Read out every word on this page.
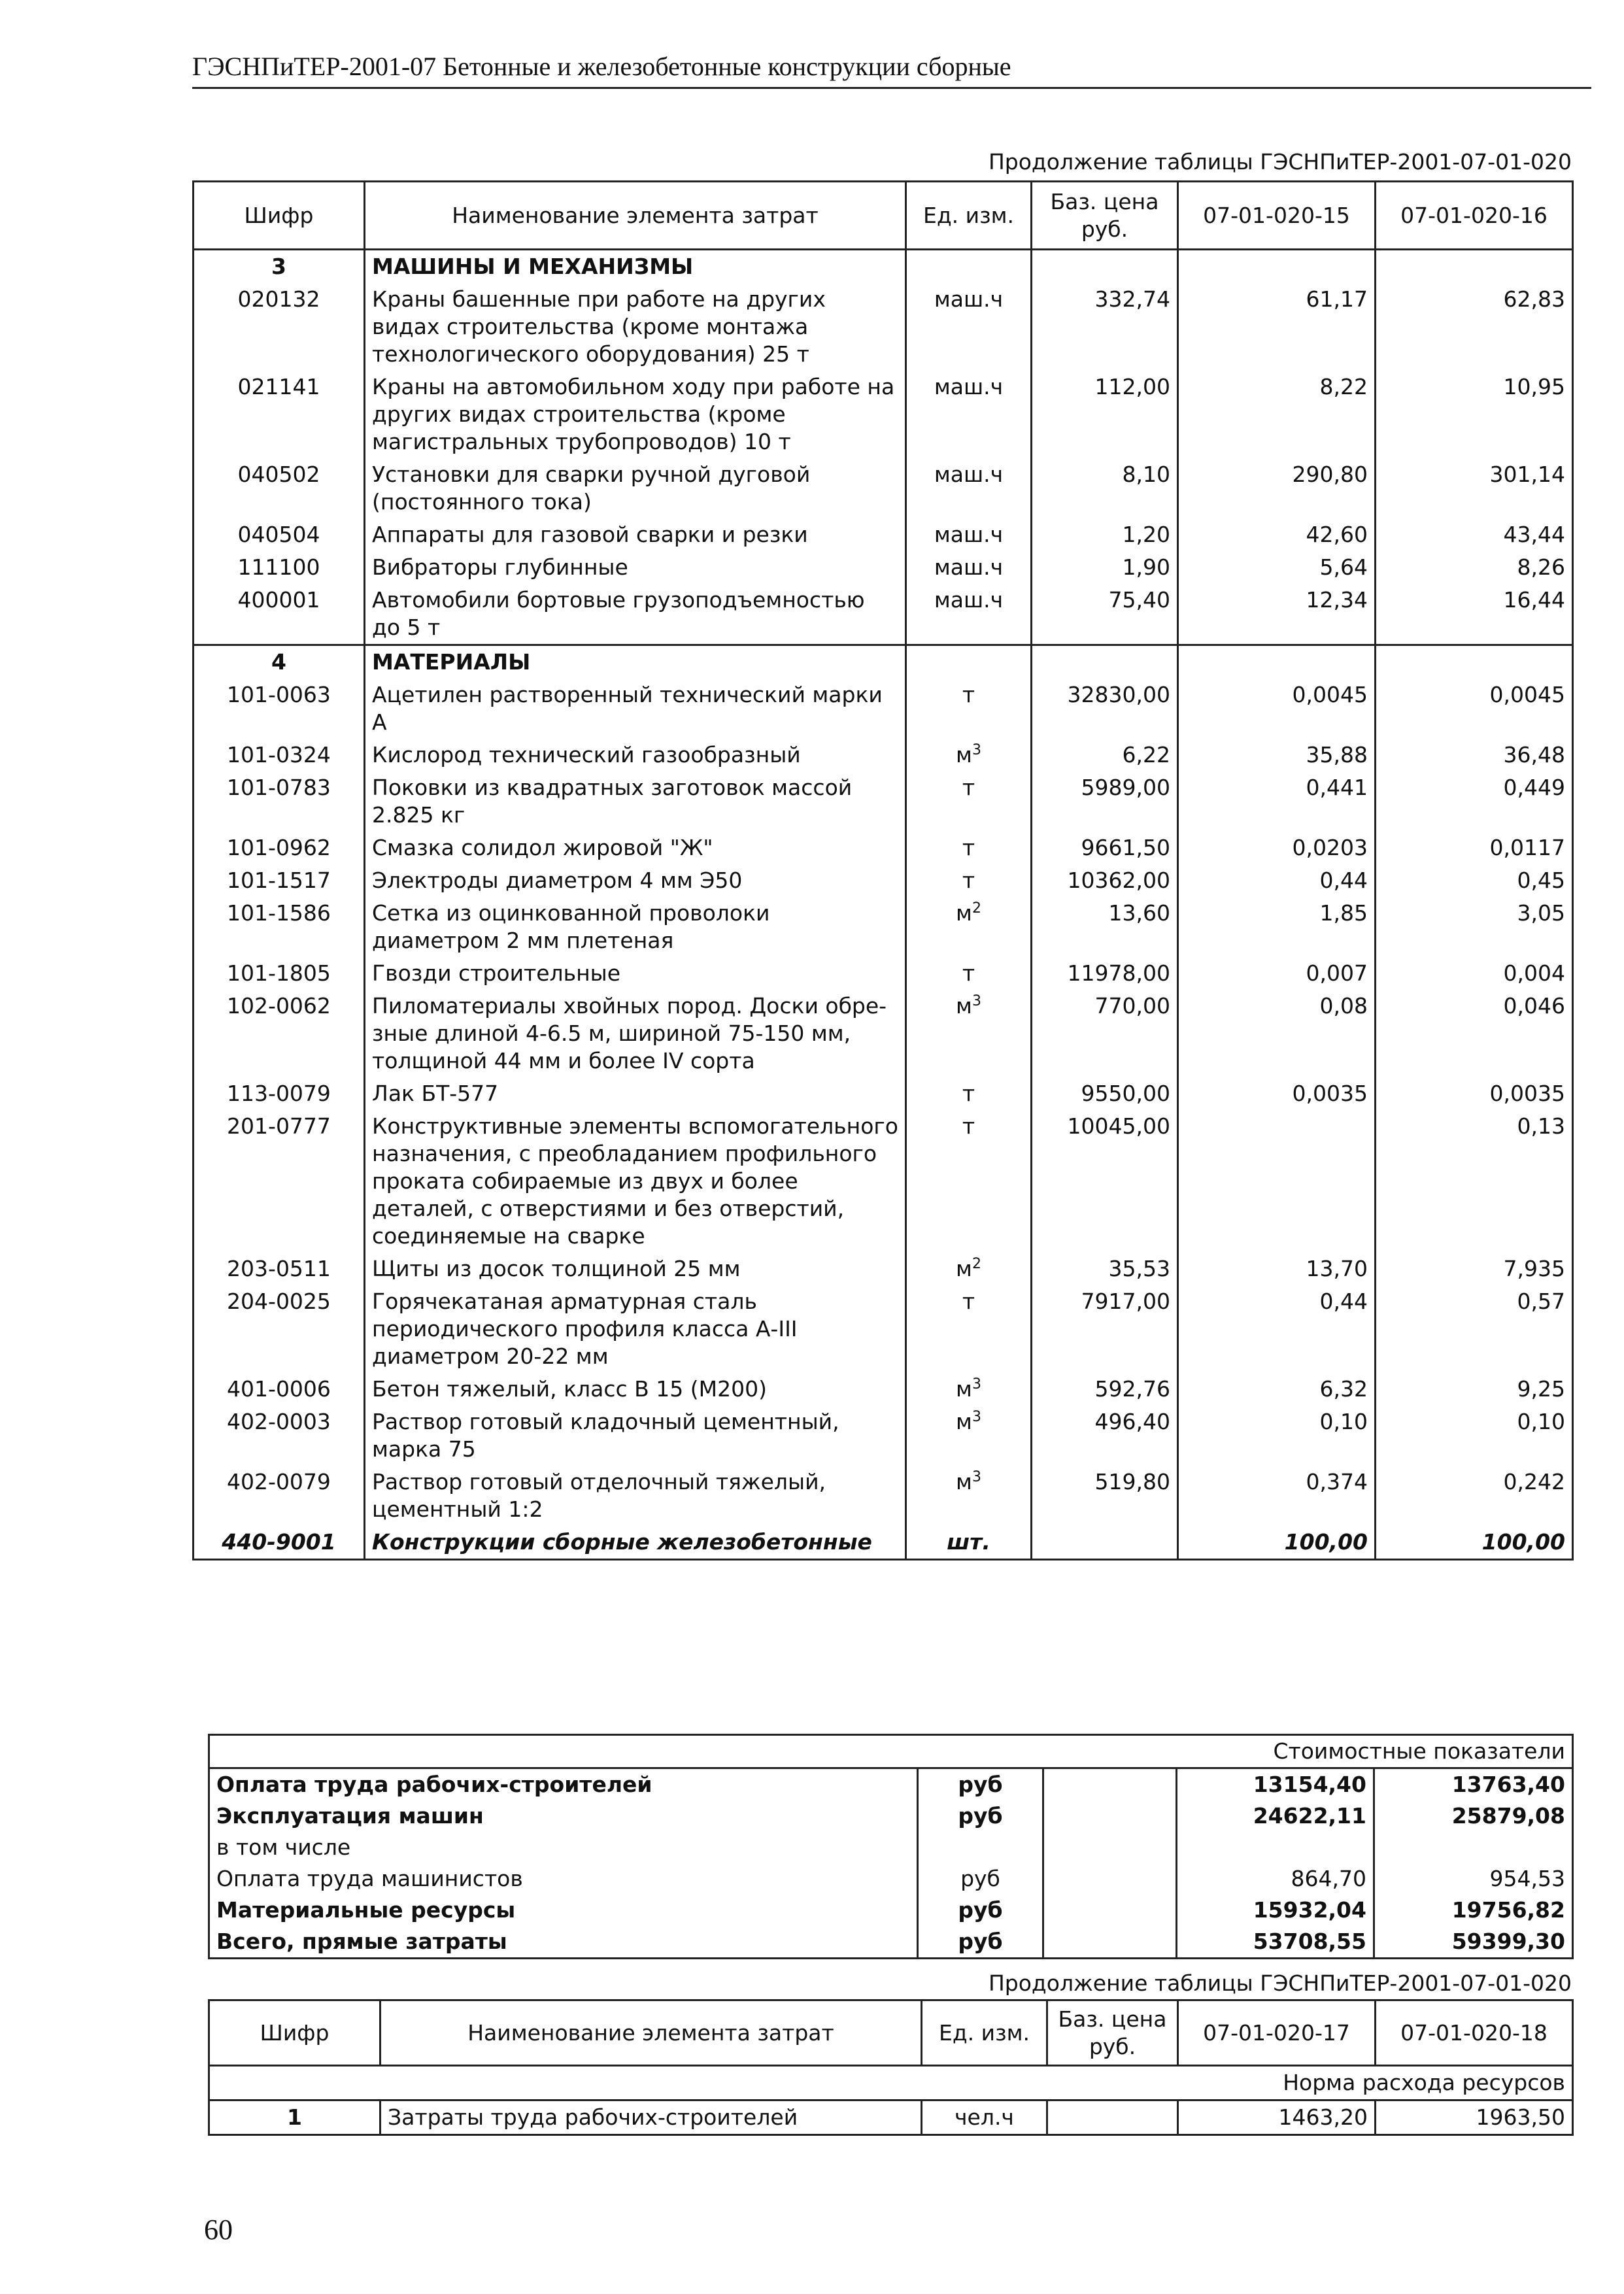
ГЭСНПиТЕР-2001-07 Бетонные и железобетонные конструкции сборные
Продолжение таблицы ГЭСНПиТЕР-2001-07-01-020
Шифр	Наименование элемента затрат	Ед. изм.	Баз. цена руб.	07-01-020-15	07-01-020-16
3	МАШИНЫ И МЕХАНИЗМЫ				
020132	Краны башенные при работе на других видах строительства (кроме монтажа технологического оборудования) 25 т	маш.ч	332,74	61,17	62,83
021141	Краны на автомобильном ходу при работе на других видах строительства (кроме магистральных трубопроводов) 10 т	маш.ч	112,00	8,22	10,95
040502	Установки для сварки ручной дуговой (постоянного тока)	маш.ч	8,10	290,80	301,14
040504	Аппараты для газовой сварки и резки	маш.ч	1,20	42,60	43,44
111100	Вибраторы глубинные	маш.ч	1,90	5,64	8,26
400001	Автомобили бортовые грузоподъемностью до 5 т	маш.ч	75,40	12,34	16,44
4	МАТЕРИАЛЫ				
101-0063	Ацетилен растворенный технический марки А	т	32830,00	0,0045	0,0045
101-0324	Кислород технический газообразный	$м^3$	6,22	35,88	36,48
101-0783	Поковки из квадратных заготовок массой 2.825 кг	т	5989,00	0,441	0,449
101-0962	Смазка солидол жировой "Ж"	т	9661,50	0,0203	0,0117
101-1517	Электроды диаметром 4 мм Э50	т	10362,00	0,44	0,45
101-1586	Сетка из оцинкованной проволоки диаметром 2 мм плетеная	$м^2$	13,60	1,85	3,05
101-1805	Гвозди строительные	т	11978,00	0,007	0,004
102-0062	Пиломатериалы хвойных пород. Доски обре-зные длиной 4-6.5 м, шириной 75-150 мм, толщиной 44 мм и более IV сорта	$м^3$	770,00	0,08	0,046
113-0079	Лак БТ-577	т	9550,00	0,0035	0,0035
201-0777	Конструктивные элементы вспомогательного назначения, с преобладанием профильного проката собираемые из двух и более деталей, с отверстиями и без отверстий, соединяемые на сварке	т	10045,00		0,13
203-0511	Щиты из досок толщиной 25 мм	$м^2$	35,53	13,70	7,935
204-0025	Горячекатаная арматурная сталь периодического профиля класса А-III диаметром 20-22 мм	т	7917,00	0,44	0,57
401-0006	Бетон тяжелый, класс В 15 (М200)	$м^3$	592,76	6,32	9,25
402-0003	Раствор готовый кладочный цементный, марка 75	$м^3$	496,40	0,10	0,10
402-0079	Раствор готовый отделочный тяжелый, цементный 1:2	$м^3$	519,80	0,374	0,242
440-9001	Конструкции сборные железобетонные	шт.		100,00	100,00
Стоимостные показатели				
Оплата труда рабочих-строителей	руб		13154,40	13763,40
Эксплуатация машин	руб		24622,11	25879,08
в том числе				
Оплата труда машинистов	руб		864,70	954,53
Материальные ресурсы	руб		15932,04	19756,82
Всего, прямые затраты	руб		53708,55	59399,30
Продолжение таблицы ГЭСНПиТЕР-2001-07-01-020
Шифр	Наименование элемента затрат	Ед. изм.	Баз. цена руб.	07-01-020-17	07-01-020-18
Норма расхода ресурсов					
1	Затраты труда рабочих-строителей	чел.ч		1463,20	1963,50
60
